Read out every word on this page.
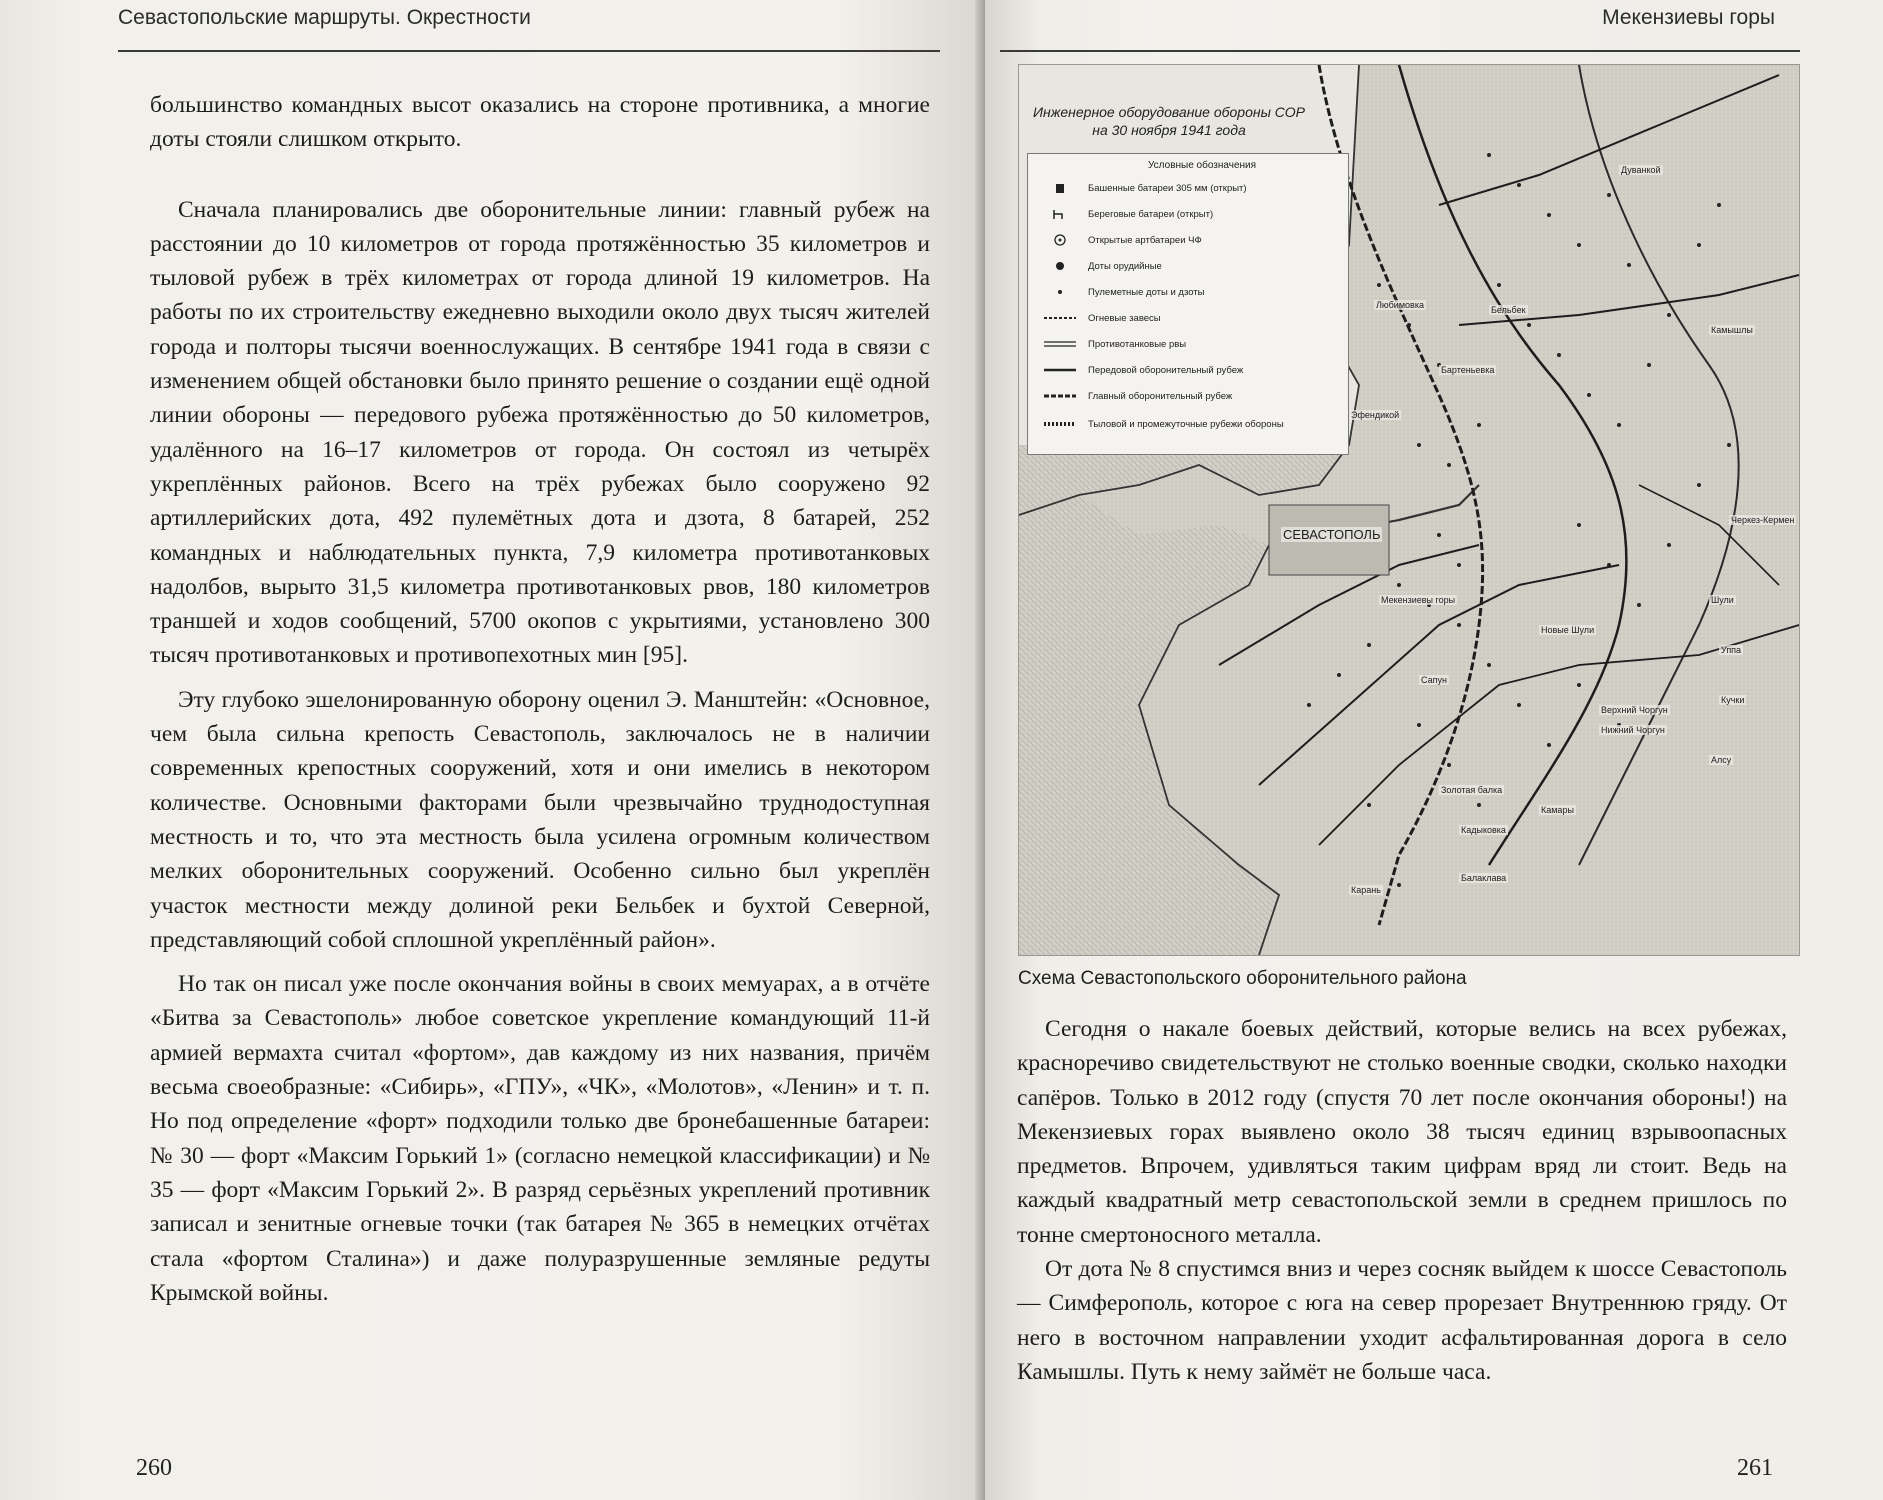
Севастопольские маршруты. Окрестности

большинство командных высот оказались на стороне противника, а многие доты стояли слишком открыто.

Сначала планировались две оборонительные линии: главный рубеж на расстоянии до 10 километров от города протяжённостью 35 километров и тыловой рубеж в трёх километрах от города длиной 19 километров. На работы по их строительству ежедневно выходили около двух тысяч жителей города и полторы тысячи военнослужащих. В сентябре 1941 года в связи с изменением общей обстановки было принято решение о создании ещё одной линии обороны — передового рубежа протяжённостью до 50 километров, удалённого на 16–17 километров от города. Он состоял из четырёх укреплённых районов. Всего на трёх рубежах было сооружено 92 артиллерийских дота, 492 пулемётных дота и дзота, 8 батарей, 252 командных и наблюдательных пункта, 7,9 километра противотанковых надолбов, вырыто 31,5 километра противотанковых рвов, 180 километров траншей и ходов сообщений, 5700 окопов с укрытиями, установлено 300 тысяч противотанковых и противопехотных мин [95].

Эту глубоко эшелонированную оборону оценил Э. Манштейн: «Основное, чем была сильна крепость Севастополь, заключалось не в наличии современных крепостных сооружений, хотя и они имелись в некотором количестве. Основными факторами были чрезвычайно труднодоступная местность и то, что эта местность была усилена огромным количеством мелких оборонительных сооружений. Особенно сильно был укреплён участок местности между долиной реки Бельбек и бухтой Северной, представляющий собой сплошной укреплённый район».

Но так он писал уже после окончания войны в своих мемуарах, а в отчёте «Битва за Севастополь» любое советское укрепление командующий 11-й армией вермахта считал «фортом», дав каждому из них названия, причём весьма своеобразные: «Сибирь», «ГПУ», «ЧК», «Молотов», «Ленин» и т. п. Но под определение «форт» подходили только две бронебашенные батареи: № 30 — форт «Максим Горький 1» (согласно немецкой классификации) и № 35 — форт «Максим Горький 2». В разряд серьёзных укреплений противник записал и зенитные огневые точки (так батарея № 365 в немецких отчётах стала «фортом Сталина») и даже полуразрушенные земляные редуты Крымской войны.

260
Мекензиевы горы
Инженерное оборудование обороны СОР
на 30 ноября 1941 года
Условные обозначения
Башенные батареи 305 мм (открыт)
Береговые батареи (открыт)
Открытые артбатареи ЧФ
Доты орудийные
Пулеметные доты и дзоты
Огневые завесы
Противотанковые рвы
Передовой оборонительный рубеж
Главный оборонительный рубеж
Тыловой и промежуточные рубежи обороны
СЕВАСТОПОЛЬ
Бельбек
Любимовка
Камышлы
Мекензиевы горы
Новые Шули
Верхний Чоргун
Нижний Чоргун
Кадыковка
Балаклава
Карань
Золотая балка
Шули
Уппа
Кучки
Алсу
Камары
Дуванкой
Эфендикой
Бартеньевка
Сапун
Черкез-Кермен
Схема Севастопольского оборонительного района

Сегодня о накале боевых действий, которые велись на всех рубежах, красноречиво свидетельствуют не столько военные сводки, сколько находки сапёров. Только в 2012 году (спустя 70 лет после окончания обороны!) на Мекензиевых горах выявлено около 38 тысяч единиц взрывоопасных предметов. Впрочем, удивляться таким цифрам вряд ли стоит. Ведь на каждый квадратный метр севастопольской земли в среднем пришлось по тонне смертоносного металла.

От дота № 8 спустимся вниз и через сосняк выйдем к шоссе Севастополь — Симферополь, которое с юга на север прорезает Внутреннюю гряду. От него в восточном направлении уходит асфальтированная дорога в село Камышлы. Путь к нему займёт не больше часа.

261
